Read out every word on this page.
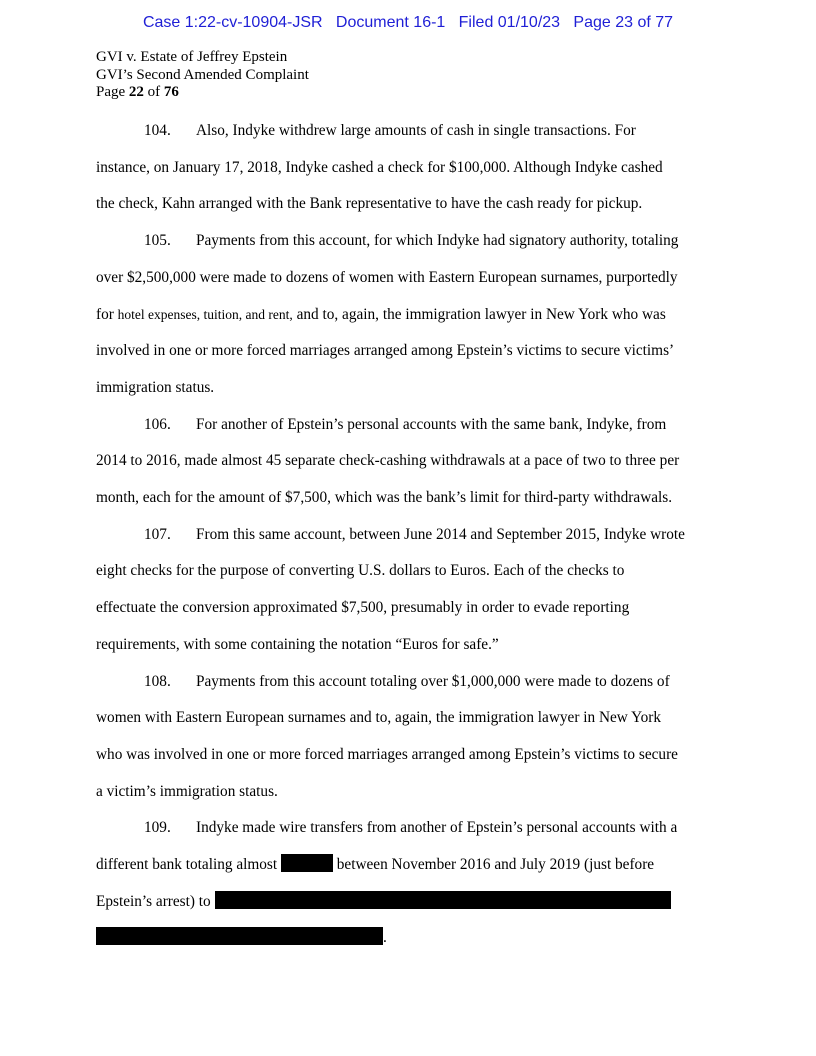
Case 1:22-cv-10904-JSR Document 16-1 Filed 01/10/23 Page 23 of 77
GVI v. Estate of Jeffrey Epstein
GVI’s Second Amended Complaint
Page 22 of 76
104. Also, Indyke withdrew large amounts of cash in single transactions. For
instance, on January 17, 2018, Indyke cashed a check for $100,000. Although Indyke cashed
the check, Kahn arranged with the Bank representative to have the cash ready for pickup.
105. Payments from this account, for which Indyke had signatory authority, totaling
over $2,500,000 were made to dozens of women with Eastern European surnames, purportedly
for hotel expenses, tuition, and rent, and to, again, the immigration lawyer in New York who was
involved in one or more forced marriages arranged among Epstein’s victims to secure victims’
immigration status.
106. For another of Epstein’s personal accounts with the same bank, Indyke, from
2014 to 2016, made almost 45 separate check-cashing withdrawals at a pace of two to three per
month, each for the amount of $7,500, which was the bank’s limit for third-party withdrawals.
107. From this same account, between June 2014 and September 2015, Indyke wrote
eight checks for the purpose of converting U.S. dollars to Euros. Each of the checks to
effectuate the conversion approximated $7,500, presumably in order to evade reporting
requirements, with some containing the notation “Euros for safe.”
108. Payments from this account totaling over $1,000,000 were made to dozens of
women with Eastern European surnames and to, again, the immigration lawyer in New York
who was involved in one or more forced marriages arranged among Epstein’s victims to secure
a victim’s immigration status.
109. Indyke made wire transfers from another of Epstein’s personal accounts with a
different bank totaling almost	between November 2016 and July 2019 (just before
Epstein’s arrest) to
.
